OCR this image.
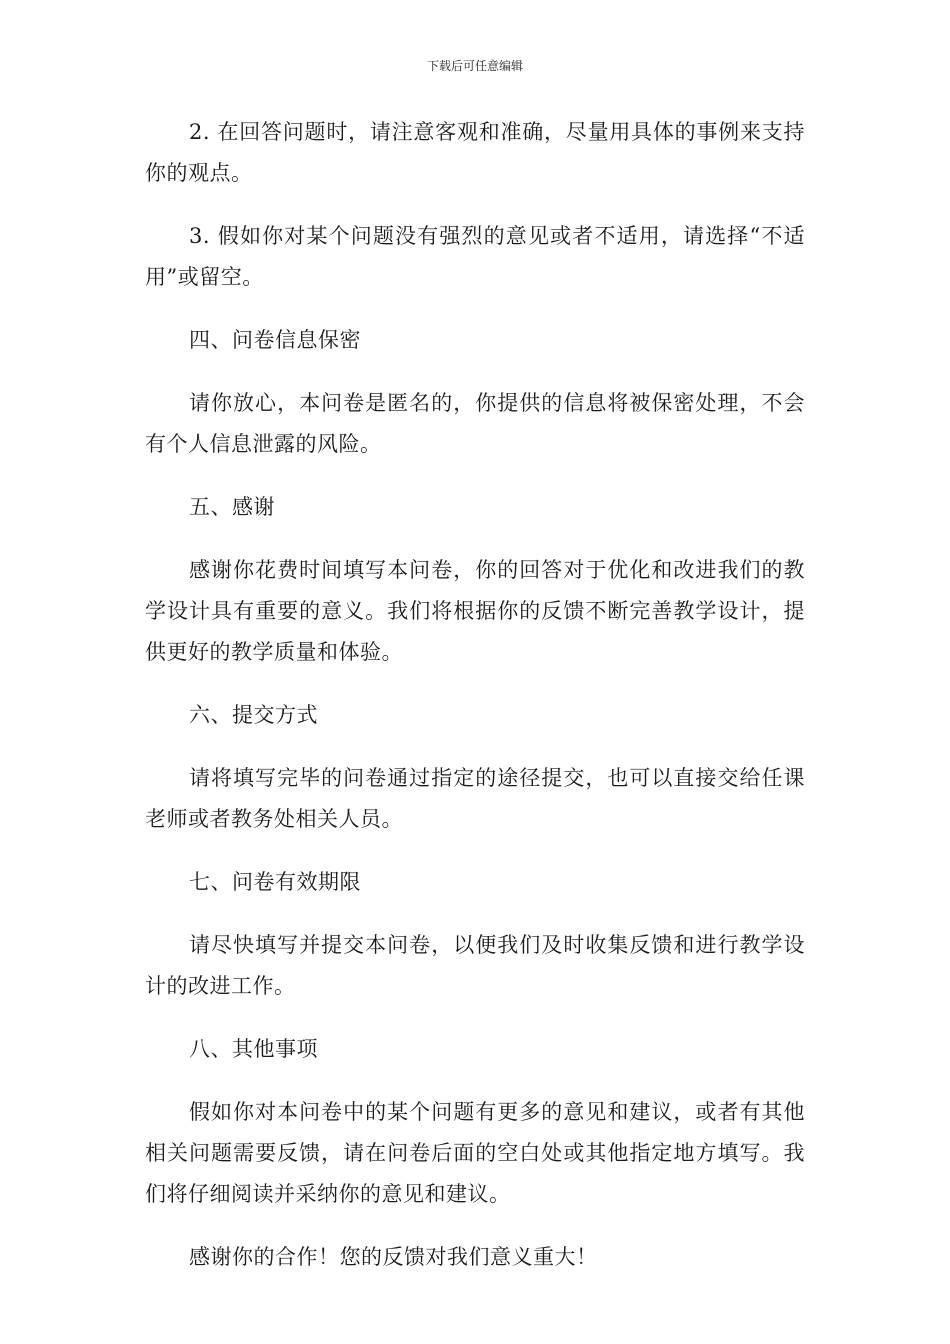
下载后可任意编辑

2. 在回答问题时，请注意客观和准确，尽量用具体的事例来支持你的观点。

3. 假如你对某个问题没有强烈的意见或者不适用，请选择“不适用”或留空。

四、问卷信息保密

请你放心，本问卷是匿名的，你提供的信息将被保密处理，不会有个人信息泄露的风险。

五、感谢

感谢你花费时间填写本问卷，你的回答对于优化和改进我们的教学设计具有重要的意义。我们将根据你的反馈不断完善教学设计，提供更好的教学质量和体验。

六、提交方式

请将填写完毕的问卷通过指定的途径提交，也可以直接交给任课老师或者教务处相关人员。

七、问卷有效期限

请尽快填写并提交本问卷，以便我们及时收集反馈和进行教学设计的改进工作。

八、其他事项

假如你对本问卷中的某个问题有更多的意见和建议，或者有其他相关问题需要反馈，请在问卷后面的空白处或其他指定地方填写。我们将仔细阅读并采纳你的意见和建议。

感谢你的合作！您的反馈对我们意义重大！
